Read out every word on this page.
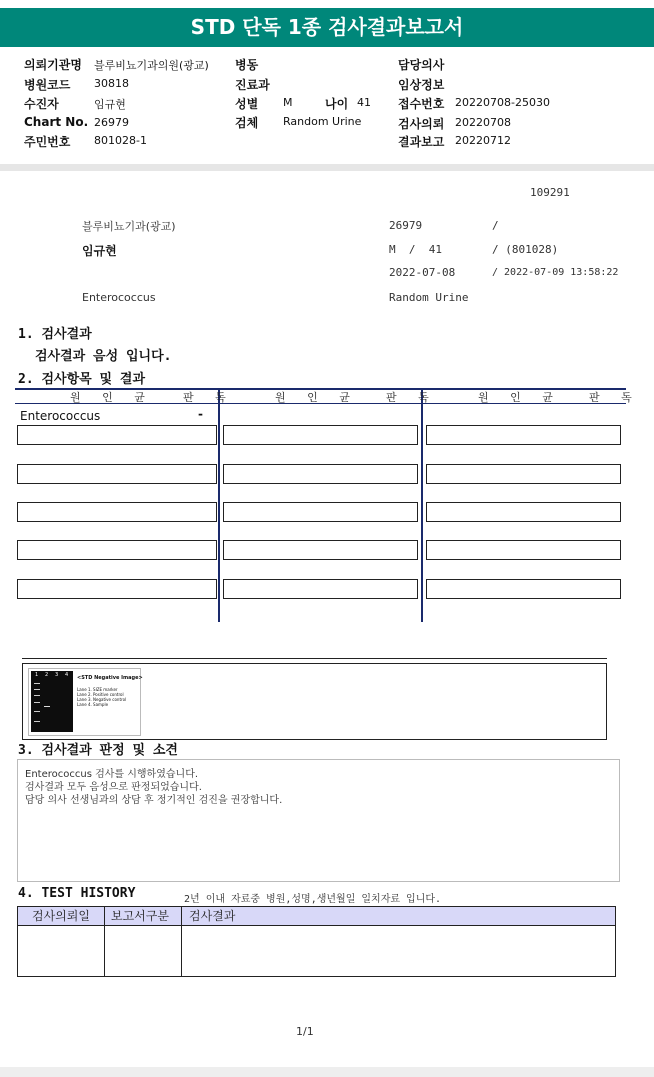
STD 단독 1종 검사결과보고서
의뢰기관명 블루비뇨기과의원(광교)
병원코드 30818
수진자	임규현
Chart No. 26979
주민번호 801028-1
병동
진료과
성별 M	나이 41
검체 Random Urine
담당의사
임상정보
접수번호 20220708-25030
검사의뢰 20220708
결과보고 20220712
109291
블루비뇨기과(광교)	26979	/
임규현	M  /  41	/ (801028)
2022-07-08	/ 2022-07-09 13:58:22
Enterococcus	Random Urine
1. 검사결과
검사결과 음성 입니다.
2. 검사항목 및 결과
원 인 균	판 독	원 인 균 판 독	원 인 균 판 독
Enterococcus	-
1 2 3 4 <STD Negative Image>
Lane 1. SIZE marker
Lane 2. Positive control
Lane 3. Negative control
Lane 4. Sample
3. 검사결과 판정 및 소견
Enterococcus 검사를 시행하였습니다.
검사결과 모두 음성으로 판정되었습니다.
담당 의사 선생님과의 상담 후 정기적인 검진을 권장합니다.
4. TEST HISTORY	2년 이내 자료중 병원,성명,생년월일 일치자료 입니다.
검사의뢰일 보고서구분 검사결과
1/1
